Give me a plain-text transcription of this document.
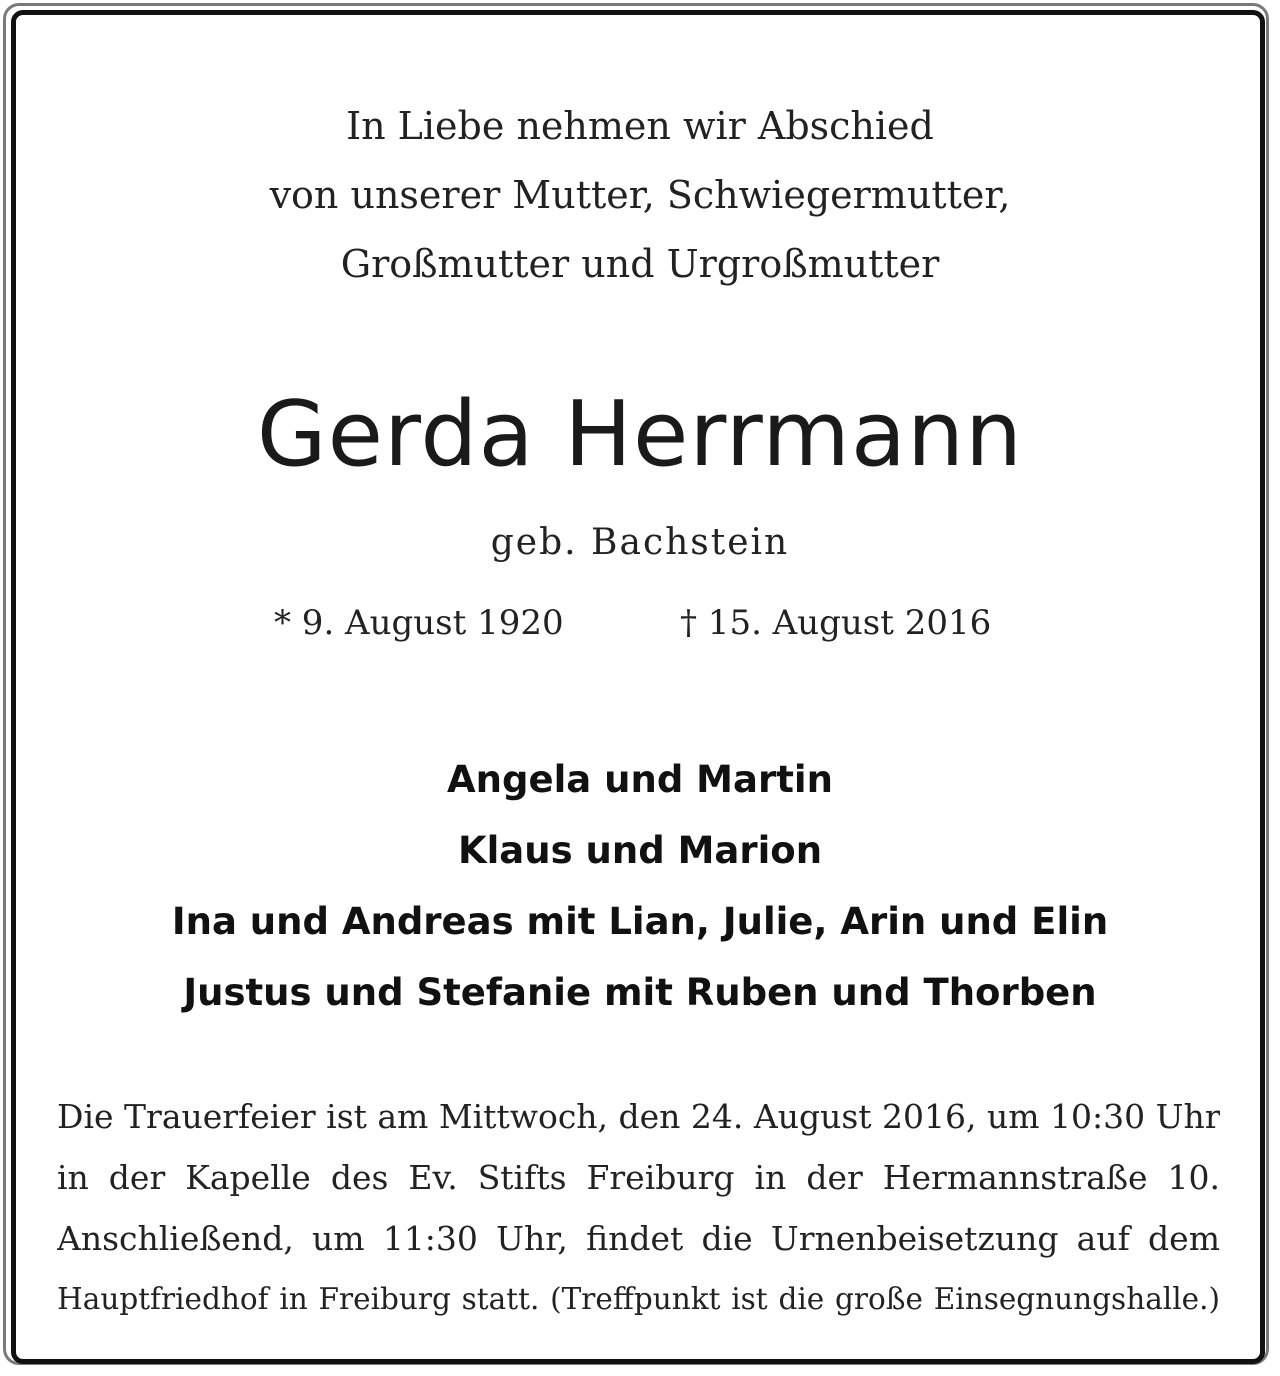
In Liebe nehmen wir Abschied
von unserer Mutter, Schwiegermutter,
Großmutter und Urgroßmutter
Gerda Herrmann
geb. Bachstein
* 9. August 1920	† 15. August 2016
Angela und Martin
Klaus und Marion
Ina und Andreas mit Lian, Julie, Arin und Elin
Justus und Stefanie mit Ruben und Thorben
Die Trauerfeier ist am Mittwoch, den 24. August 2016, um 10:30 Uhr
in der Kapelle des Ev. Stifts Freiburg in der Hermannstraße 10.
Anschließend, um 11:30 Uhr, findet die Urnenbeisetzung auf dem
Hauptfriedhof in Freiburg statt. (Treffpunkt ist die große Einsegnungshalle.)
